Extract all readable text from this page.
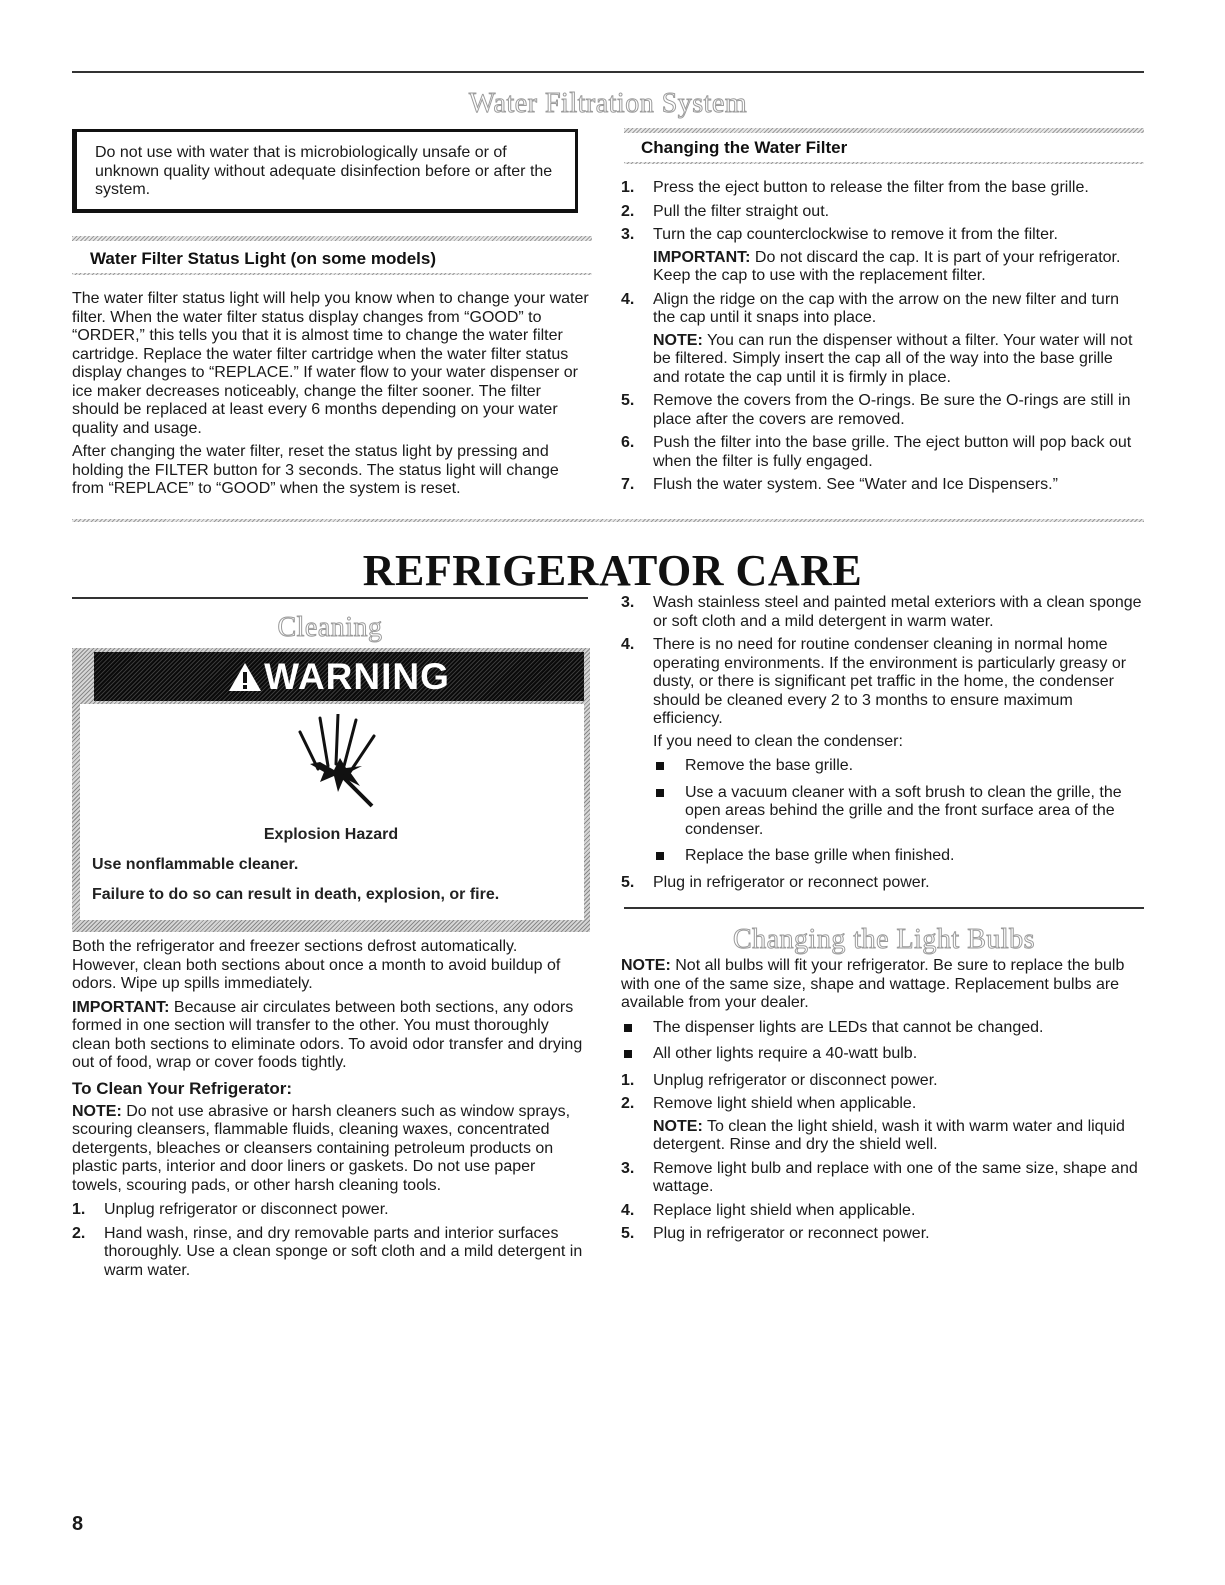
Water Filtration System

Do not use with water that is microbiologically unsafe or of unknown quality without adequate disinfection before or after the system.

Water Filter Status Light (on some models)

The water filter status light will help you know when to change your water filter. When the water filter status display changes from “GOOD” to “ORDER,” this tells you that it is almost time to change the water filter cartridge. Replace the water filter cartridge when the water filter status display changes to “REPLACE.” If water flow to your water dispenser or ice maker decreases noticeably, change the filter sooner. The filter should be replaced at least every 6 months depending on your water quality and usage.

After changing the water filter, reset the status light by pressing and holding the FILTER button for 3 seconds. The status light will change from “REPLACE” to “GOOD” when the system is reset.

Changing the Water Filter
1. Press the eject button to release the filter from the base grille.
2. Pull the filter straight out.
3. Turn the cap counterclockwise to remove it from the filter.
IMPORTANT: Do not discard the cap. It is part of your refrigerator. Keep the cap to use with the replacement filter.
4. Align the ridge on the cap with the arrow on the new filter and turn the cap until it snaps into place.
NOTE: You can run the dispenser without a filter. Your water will not be filtered. Simply insert the cap all of the way into the base grille and rotate the cap until it is firmly in place.
5. Remove the covers from the O-rings. Be sure the O-rings are still in place after the covers are removed.
6. Push the filter into the base grille. The eject button will pop back out when the filter is fully engaged.
7. Flush the water system. See “Water and Ice Dispensers.”
REFRIGERATOR CARE
Cleaning
WARNING
Explosion Hazard
Use nonflammable cleaner.
Failure to do so can result in death, explosion, or fire.

Both the refrigerator and freezer sections defrost automatically. However, clean both sections about once a month to avoid buildup of odors. Wipe up spills immediately.

IMPORTANT: Because air circulates between both sections, any odors formed in one section will transfer to the other. You must thoroughly clean both sections to eliminate odors. To avoid odor transfer and drying out of food, wrap or cover foods tightly.

To Clean Your Refrigerator:

NOTE: Do not use abrasive or harsh cleaners such as window sprays, scouring cleansers, flammable fluids, cleaning waxes, concentrated detergents, bleaches or cleansers containing petroleum products on plastic parts, interior and door liners or gaskets. Do not use paper towels, scouring pads, or other harsh cleaning tools.

1. Unplug refrigerator or disconnect power.
2. Hand wash, rinse, and dry removable parts and interior surfaces thoroughly. Use a clean sponge or soft cloth and a mild detergent in warm water.
3. Wash stainless steel and painted metal exteriors with a clean sponge or soft cloth and a mild detergent in warm water.
4. There is no need for routine condenser cleaning in normal home operating environments. If the environment is particularly greasy or dusty, or there is significant pet traffic in the home, the condenser should be cleaned every 2 to 3 months to ensure maximum efficiency.
If you need to clean the condenser:
Remove the base grille.
Use a vacuum cleaner with a soft brush to clean the grille, the open areas behind the grille and the front surface area of the condenser.
Replace the base grille when finished.
5. Plug in refrigerator or reconnect power.
Changing the Light Bulbs

NOTE: Not all bulbs will fit your refrigerator. Be sure to replace the bulb with one of the same size, shape and wattage. Replacement bulbs are available from your dealer.

The dispenser lights are LEDs that cannot be changed.
All other lights require a 40-watt bulb.
1. Unplug refrigerator or disconnect power.
2. Remove light shield when applicable.
NOTE: To clean the light shield, wash it with warm water and liquid detergent. Rinse and dry the shield well.
3. Remove light bulb and replace with one of the same size, shape and wattage.
4. Replace light shield when applicable.
5. Plug in refrigerator or reconnect power.
8
